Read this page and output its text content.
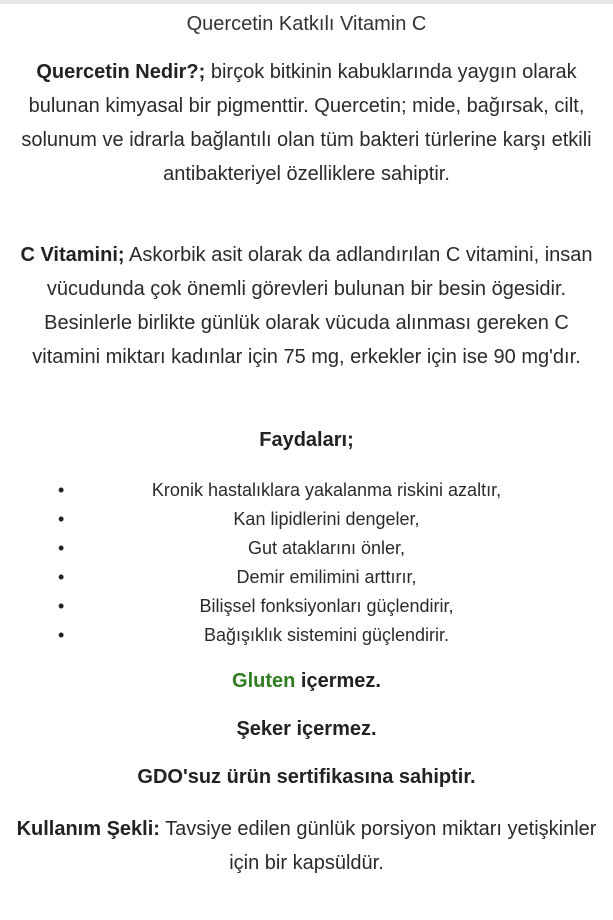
Quercetin Katkılı Vitamin C
Quercetin Nedir?; birçok bitkinin kabuklarında yaygın olarak bulunan kimyasal bir pigmenttir. Quercetin; mide, bağırsak, cilt, solunum ve idrarla bağlantılı olan tüm bakteri türlerine karşı etkili antibakteriyel özelliklere sahiptir.
C Vitamini; Askorbik asit olarak da adlandırılan C vitamini, insan vücudunda çok önemli görevleri bulunan bir besin ögesidir. Besinlerle birlikte günlük olarak vücuda alınması gereken C vitamini miktarı kadınlar için 75 mg, erkekler için ise 90 mg'dır.
Faydaları;
•	Kronik hastalıklara yakalanma riskini azaltır,
•	Kan lipidlerini dengeler,
•	Gut ataklarını önler,
•	Demir emilimini arttırır,
•	Bilişsel fonksiyonları güçlendirir,
•	Bağışıklık sistemini güçlendirir.
Gluten içermez.
Şeker içermez.
GDO'suz ürün sertifikasına sahiptir.
Kullanım Şekli: Tavsiye edilen günlük porsiyon miktarı yetişkinler için bir kapsüldür.
